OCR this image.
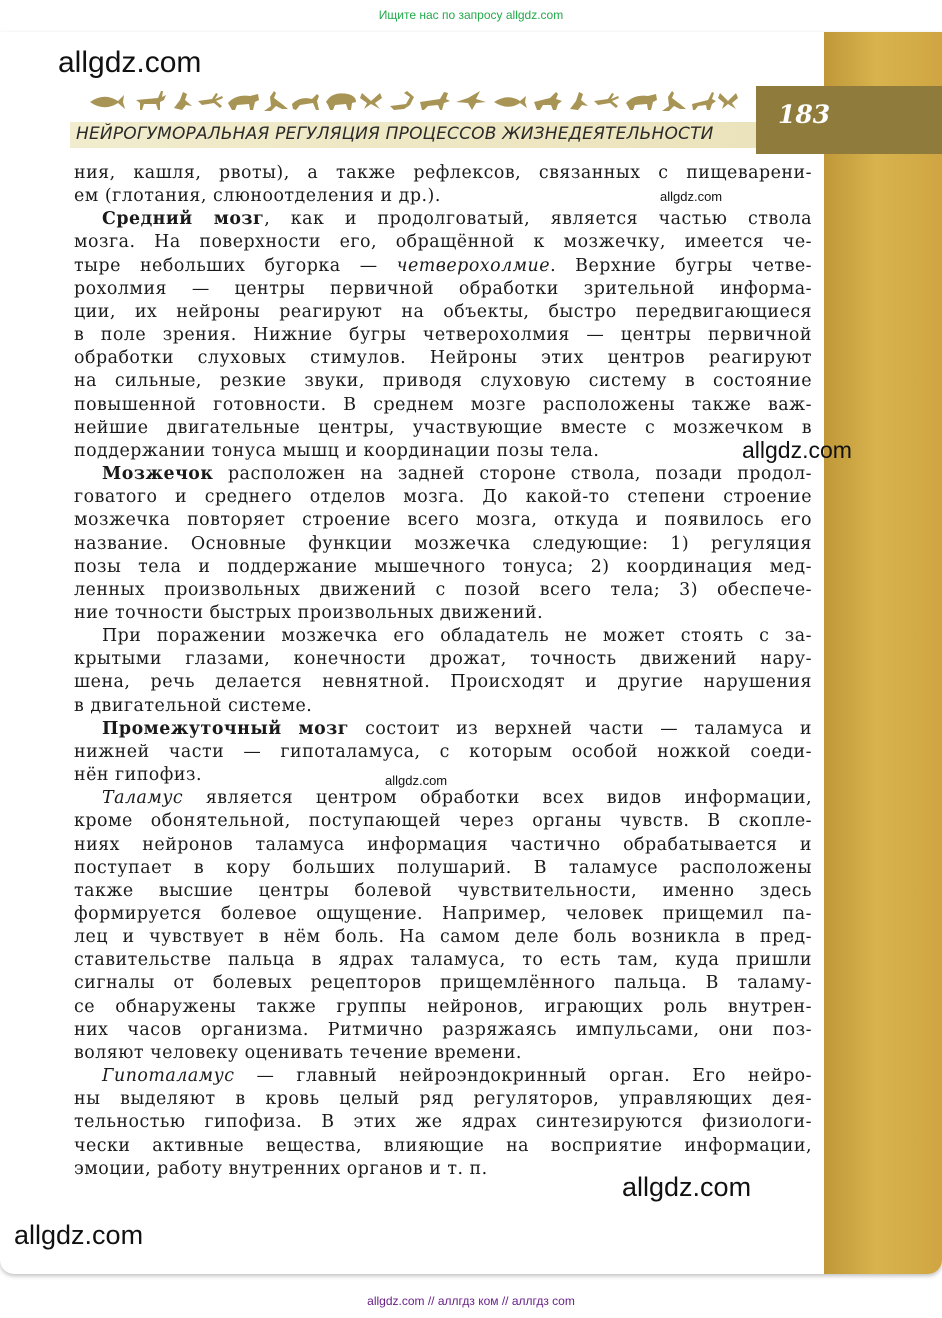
Ищите нас по запросу allgdz.com
183
allgdz.com
НЕЙРОГУМОРАЛЬНАЯ РЕГУЛЯЦИЯ ПРОЦЕССОВ ЖИЗНЕДЕЯТЕЛЬНОСТИ

ния, кашля, рвоты), а также рефлексов, связанных с пищеварени-

ем (глотания, слюноотделения и др.).

Средний мозг, как и продолговатый, является частью ствола

мозга. На поверхности его, обращённой к мозжечку, имеется че-

тыре небольших бугорка — четверохолмие. Верхние бугры четве-

рохолмия — центры первичной обработки зрительной информа-

ции, их нейроны реагируют на объекты, быстро передвигающиеся

в поле зрения. Нижние бугры четверохолмия — центры первичной

обработки слуховых стимулов. Нейроны этих центров реагируют

на сильные, резкие звуки, приводя слуховую систему в состояние

повышенной готовности. В среднем мозге расположены также важ-

нейшие двигательные центры, участвующие вместе с мозжечком в

поддержании тонуса мышц и координации позы тела.

Мозжечок расположен на задней стороне ствола, позади продол-

говатого и среднего отделов мозга. До какой-то степени строение

мозжечка повторяет строение всего мозга, откуда и появилось его

название. Основные функции мозжечка следующие: 1) регуляция

позы тела и поддержание мышечного тонуса; 2) координация мед-

ленных произвольных движений с позой всего тела; 3) обеспече-

ние точности быстрых произвольных движений.

При поражении мозжечка его обладатель не может стоять с за-

крытыми глазами, конечности дрожат, точность движений нару-

шена, речь делается невнятной. Происходят и другие нарушения

в двигательной системе.

Промежуточный мозг состоит из верхней части — таламуса и

нижней части — гипоталамуса, с которым особой ножкой соеди-

нён гипофиз.

Таламус является центром обработки всех видов информации,

кроме обонятельной, поступающей через органы чувств. В скопле-

ниях нейронов таламуса информация частично обрабатывается и

поступает в кору больших полушарий. В таламусе расположены

также высшие центры болевой чувствительности, именно здесь

формируется болевое ощущение. Например, человек прищемил па-

лец и чувствует в нём боль. На самом деле боль возникла в пред-

ставительстве пальца в ядрах таламуса, то есть там, куда пришли

сигналы от болевых рецепторов прищемлённого пальца. В таламу-

се обнаружены также группы нейронов, играющих роль внутрен-

них часов организма. Ритмично разряжаясь импульсами, они поз-

воляют человеку оценивать течение времени.

Гипоталамус — главный нейроэндокринный орган. Его нейро-

ны выделяют в кровь целый ряд регуляторов, управляющих дея-

тельностью гипофиза. В этих же ядрах синтезируются физиологи-

чески активные вещества, влияющие на восприятие информации,

эмоции, работу внутренних органов и т. п.

allgdz.com
allgdz.com
allgdz.com
allgdz.com
allgdz.com
allgdz.com // аллгдз ком // аллгдз com
